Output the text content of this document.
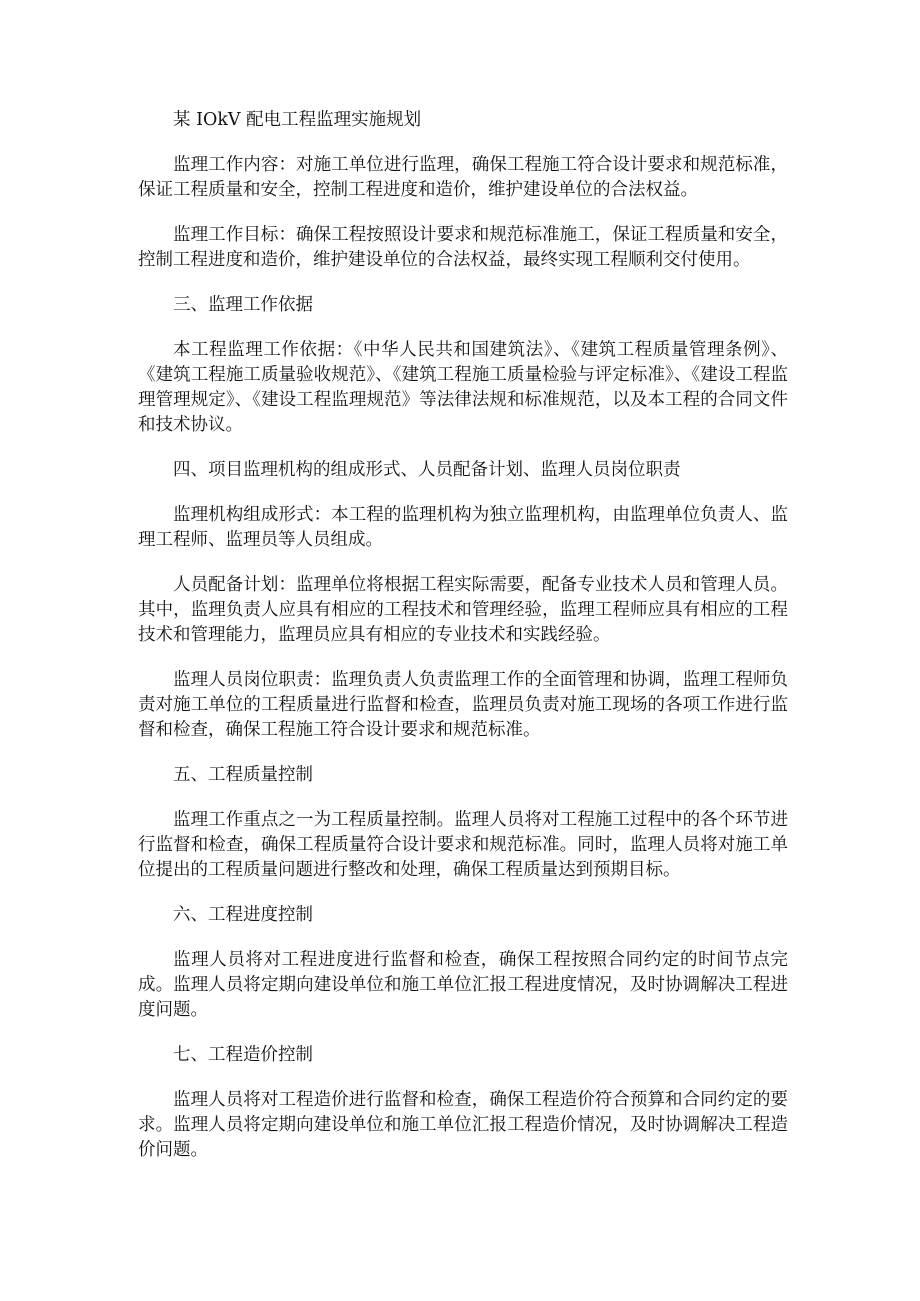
某 IOkV 配电工程监理实施规划

监理工作内容：对施工单位进行监理，确保工程施工符合设计要求和规范标准，保证工程质量和安全，控制工程进度和造价，维护建设单位的合法权益。

监理工作目标：确保工程按照设计要求和规范标准施工，保证工程质量和安全，控制工程进度和造价，维护建设单位的合法权益，最终实现工程顺利交付使用。

三、监理工作依据

本工程监理工作依据：《中华人民共和国建筑法》、《建筑工程质量管理条例》、《建筑工程施工质量验收规范》、《建筑工程施工质量检验与评定标准》、《建设工程监理管理规定》、《建设工程监理规范》等法律法规和标准规范，以及本工程的合同文件和技术协议。

四、项目监理机构的组成形式、人员配备计划、监理人员岗位职责

监理机构组成形式：本工程的监理机构为独立监理机构，由监理单位负责人、监理工程师、监理员等人员组成。

人员配备计划：监理单位将根据工程实际需要，配备专业技术人员和管理人员。其中，监理负责人应具有相应的工程技术和管理经验，监理工程师应具有相应的工程技术和管理能力，监理员应具有相应的专业技术和实践经验。

监理人员岗位职责：监理负责人负责监理工作的全面管理和协调，监理工程师负责对施工单位的工程质量进行监督和检查，监理员负责对施工现场的各项工作进行监督和检查，确保工程施工符合设计要求和规范标准。

五、工程质量控制

监理工作重点之一为工程质量控制。监理人员将对工程施工过程中的各个环节进行监督和检查，确保工程质量符合设计要求和规范标准。同时，监理人员将对施工单位提出的工程质量问题进行整改和处理，确保工程质量达到预期目标。

六、工程进度控制

监理人员将对工程进度进行监督和检查，确保工程按照合同约定的时间节点完成。监理人员将定期向建设单位和施工单位汇报工程进度情况，及时协调解决工程进度问题。

七、工程造价控制

监理人员将对工程造价进行监督和检查，确保工程造价符合预算和合同约定的要求。监理人员将定期向建设单位和施工单位汇报工程造价情况，及时协调解决工程造价问题。
